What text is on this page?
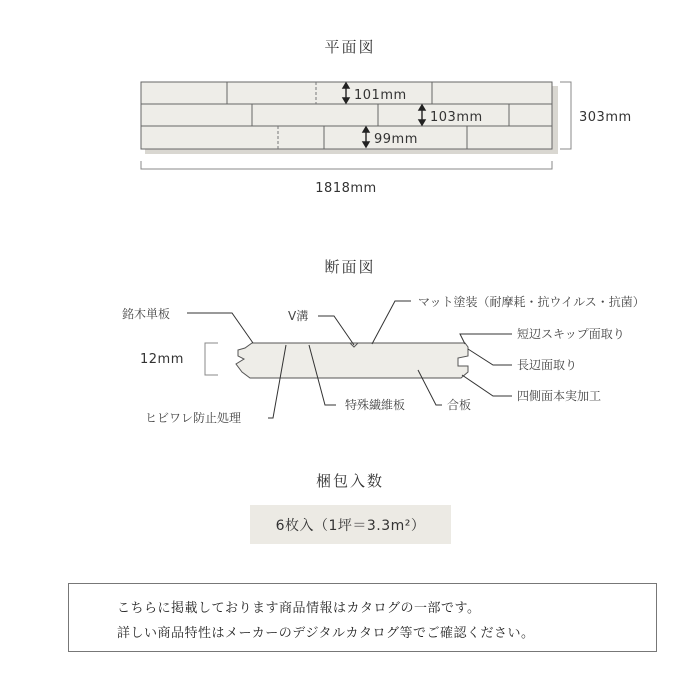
平面図
断面図
梱包入数
101mm
103mm
99mm
303mm
1818mm
12mm
銘木単板	V溝
マット塗装（耐摩耗・抗ウイルス・抗菌）
短辺スキップ面取り
長辺面取り
四側面本実加工
ヒビワレ防止処理
特殊繊維板	合板
6枚入（1坪＝3.3m²）
こちらに掲載しております商品情報はカタログの一部です。
詳しい商品特性はメーカーのデジタルカタログ等でご確認ください。
